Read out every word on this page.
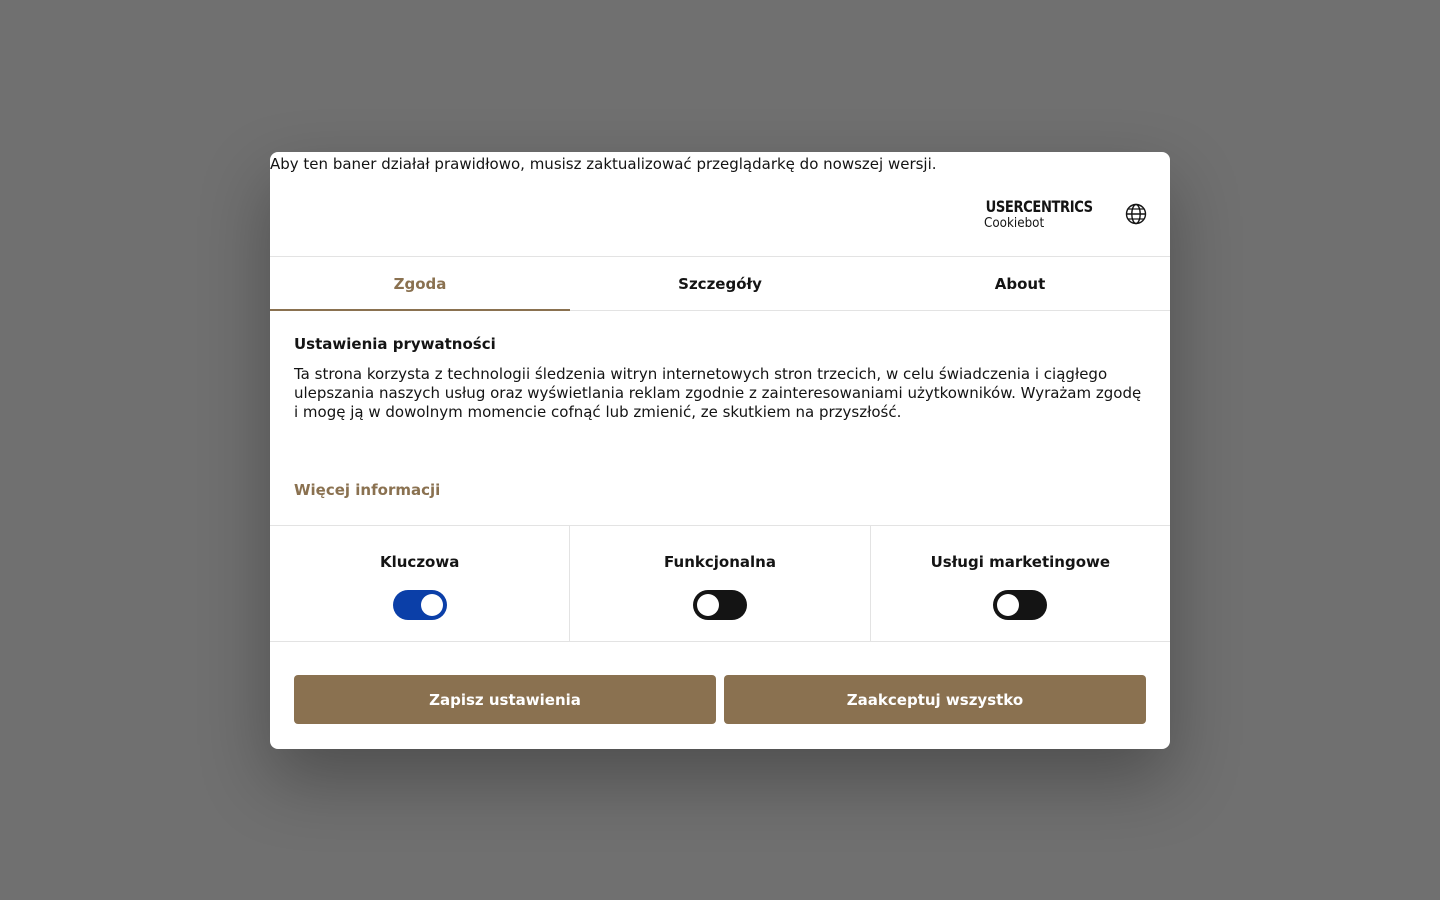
Aby ten baner działał prawidłowo, musisz zaktualizować przeglądarkę do nowszej wersji.
USERCENTRICS
Cookiebot
Zgoda	Szczegóły	About
Ustawienia prywatności
Ta strona korzysta z technologii śledzenia witryn internetowych stron trzecich, w celu świadczenia i ciągłego ulepszania naszych usług oraz wyświetlania reklam zgodnie z zainteresowaniami użytkowników. Wyrażam zgodę i mogę ją w dowolnym momencie cofnąć lub zmienić, ze skutkiem na przyszłość.
Więcej informacji
Kluczowa	Funkcjonalna	Usługi marketingowe
Zapisz ustawienia	Zaakceptuj wszystko
